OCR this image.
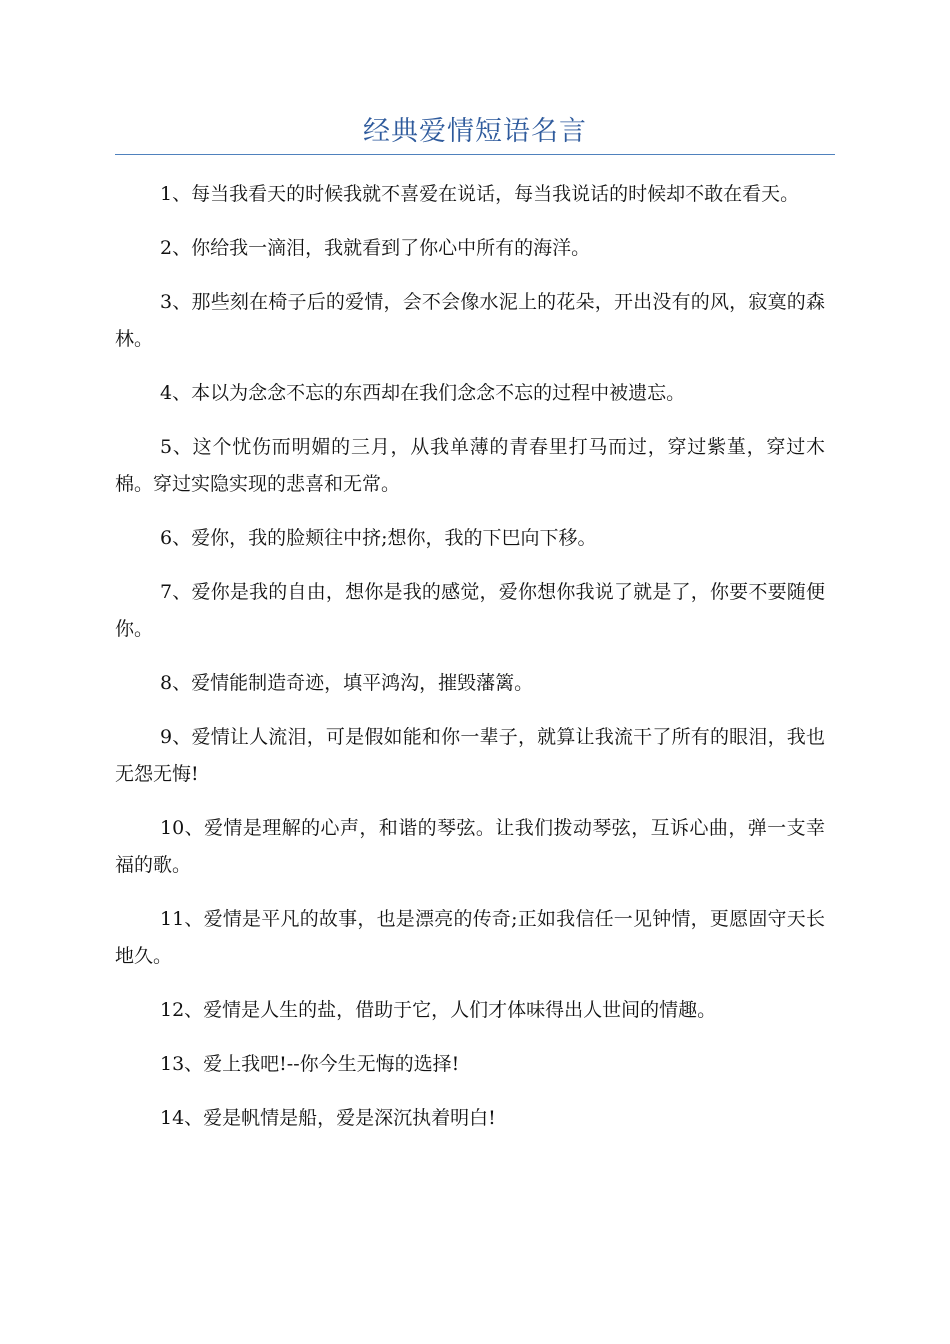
经典爱情短语名言

1、每当我看天的时候我就不喜爱在说话，每当我说话的时候却不敢在看天。

2、你给我一滴泪，我就看到了你心中所有的海洋。

3、那些刻在椅子后的爱情，会不会像水泥上的花朵，开出没有的风，寂寞的森林。

4、本以为念念不忘的东西却在我们念念不忘的过程中被遗忘。

5、这个忧伤而明媚的三月，从我单薄的青春里打马而过，穿过紫堇，穿过木棉。穿过实隐实现的悲喜和无常。

6、爱你，我的脸颊往中挤;想你，我的下巴向下移。

7、爱你是我的自由，想你是我的感觉，爱你想你我说了就是了，你要不要随便你。

8、爱情能制造奇迹，填平鸿沟，摧毁藩篱。

9、爱情让人流泪，可是假如能和你一辈子，就算让我流干了所有的眼泪，我也无怨无悔!

10、爱情是理解的心声，和谐的琴弦。让我们拨动琴弦，互诉心曲，弹一支幸福的歌。

11、爱情是平凡的故事，也是漂亮的传奇;正如我信任一见钟情，更愿固守天长地久。

12、爱情是人生的盐，借助于它，人们才体味得出人世间的情趣。

13、爱上我吧!--你今生无悔的选择!

14、爱是帆情是船，爱是深沉执着明白!
